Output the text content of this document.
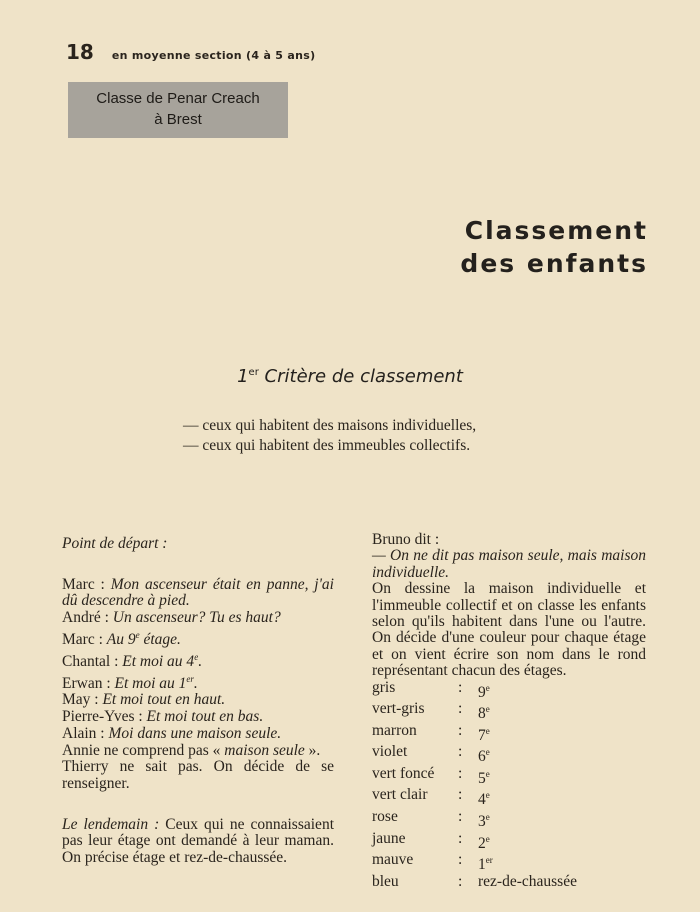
18 en moyenne section (4 à 5 ans)
Classe de Penar Creach
à Brest
Classement
des enfants
1er Critère de classement
— ceux qui habitent des maisons individuelles,
— ceux qui habitent des immeubles collectifs.

Point de départ :

Marc : Mon ascenseur était en panne, j'ai dû descendre à pied.

André : Un ascenseur? Tu es haut?

Marc : Au 9e étage.

Chantal : Et moi au 4e.

Erwan : Et moi au 1er.

May : Et moi tout en haut.

Pierre-Yves : Et moi tout en bas.

Alain : Moi dans une maison seule.

Annie ne comprend pas « maison seule ».

Thierry ne sait pas. On décide de se renseigner.

Le lendemain : Ceux qui ne connaissaient pas leur étage ont demandé à leur maman. On précise étage et rez-de-chaussée.

Bruno dit :

— On ne dit pas maison seule, mais maison individuelle.

On dessine la maison individuelle et l'immeuble collectif et on classe les enfants selon qu'ils habitent dans l'une ou l'autre. On décide d'une couleur pour chaque étage et on vient écrire son nom dans le rond représentant chacun des étages.

gris	:	9e
vert-gris	:	8e
marron	:	7e
violet	:	6e
vert foncé	:	5e
vert clair	:	4e
rose	:	3e
jaune	:	2e
mauve	:	1er
bleu	:	rez-de-chaussée
